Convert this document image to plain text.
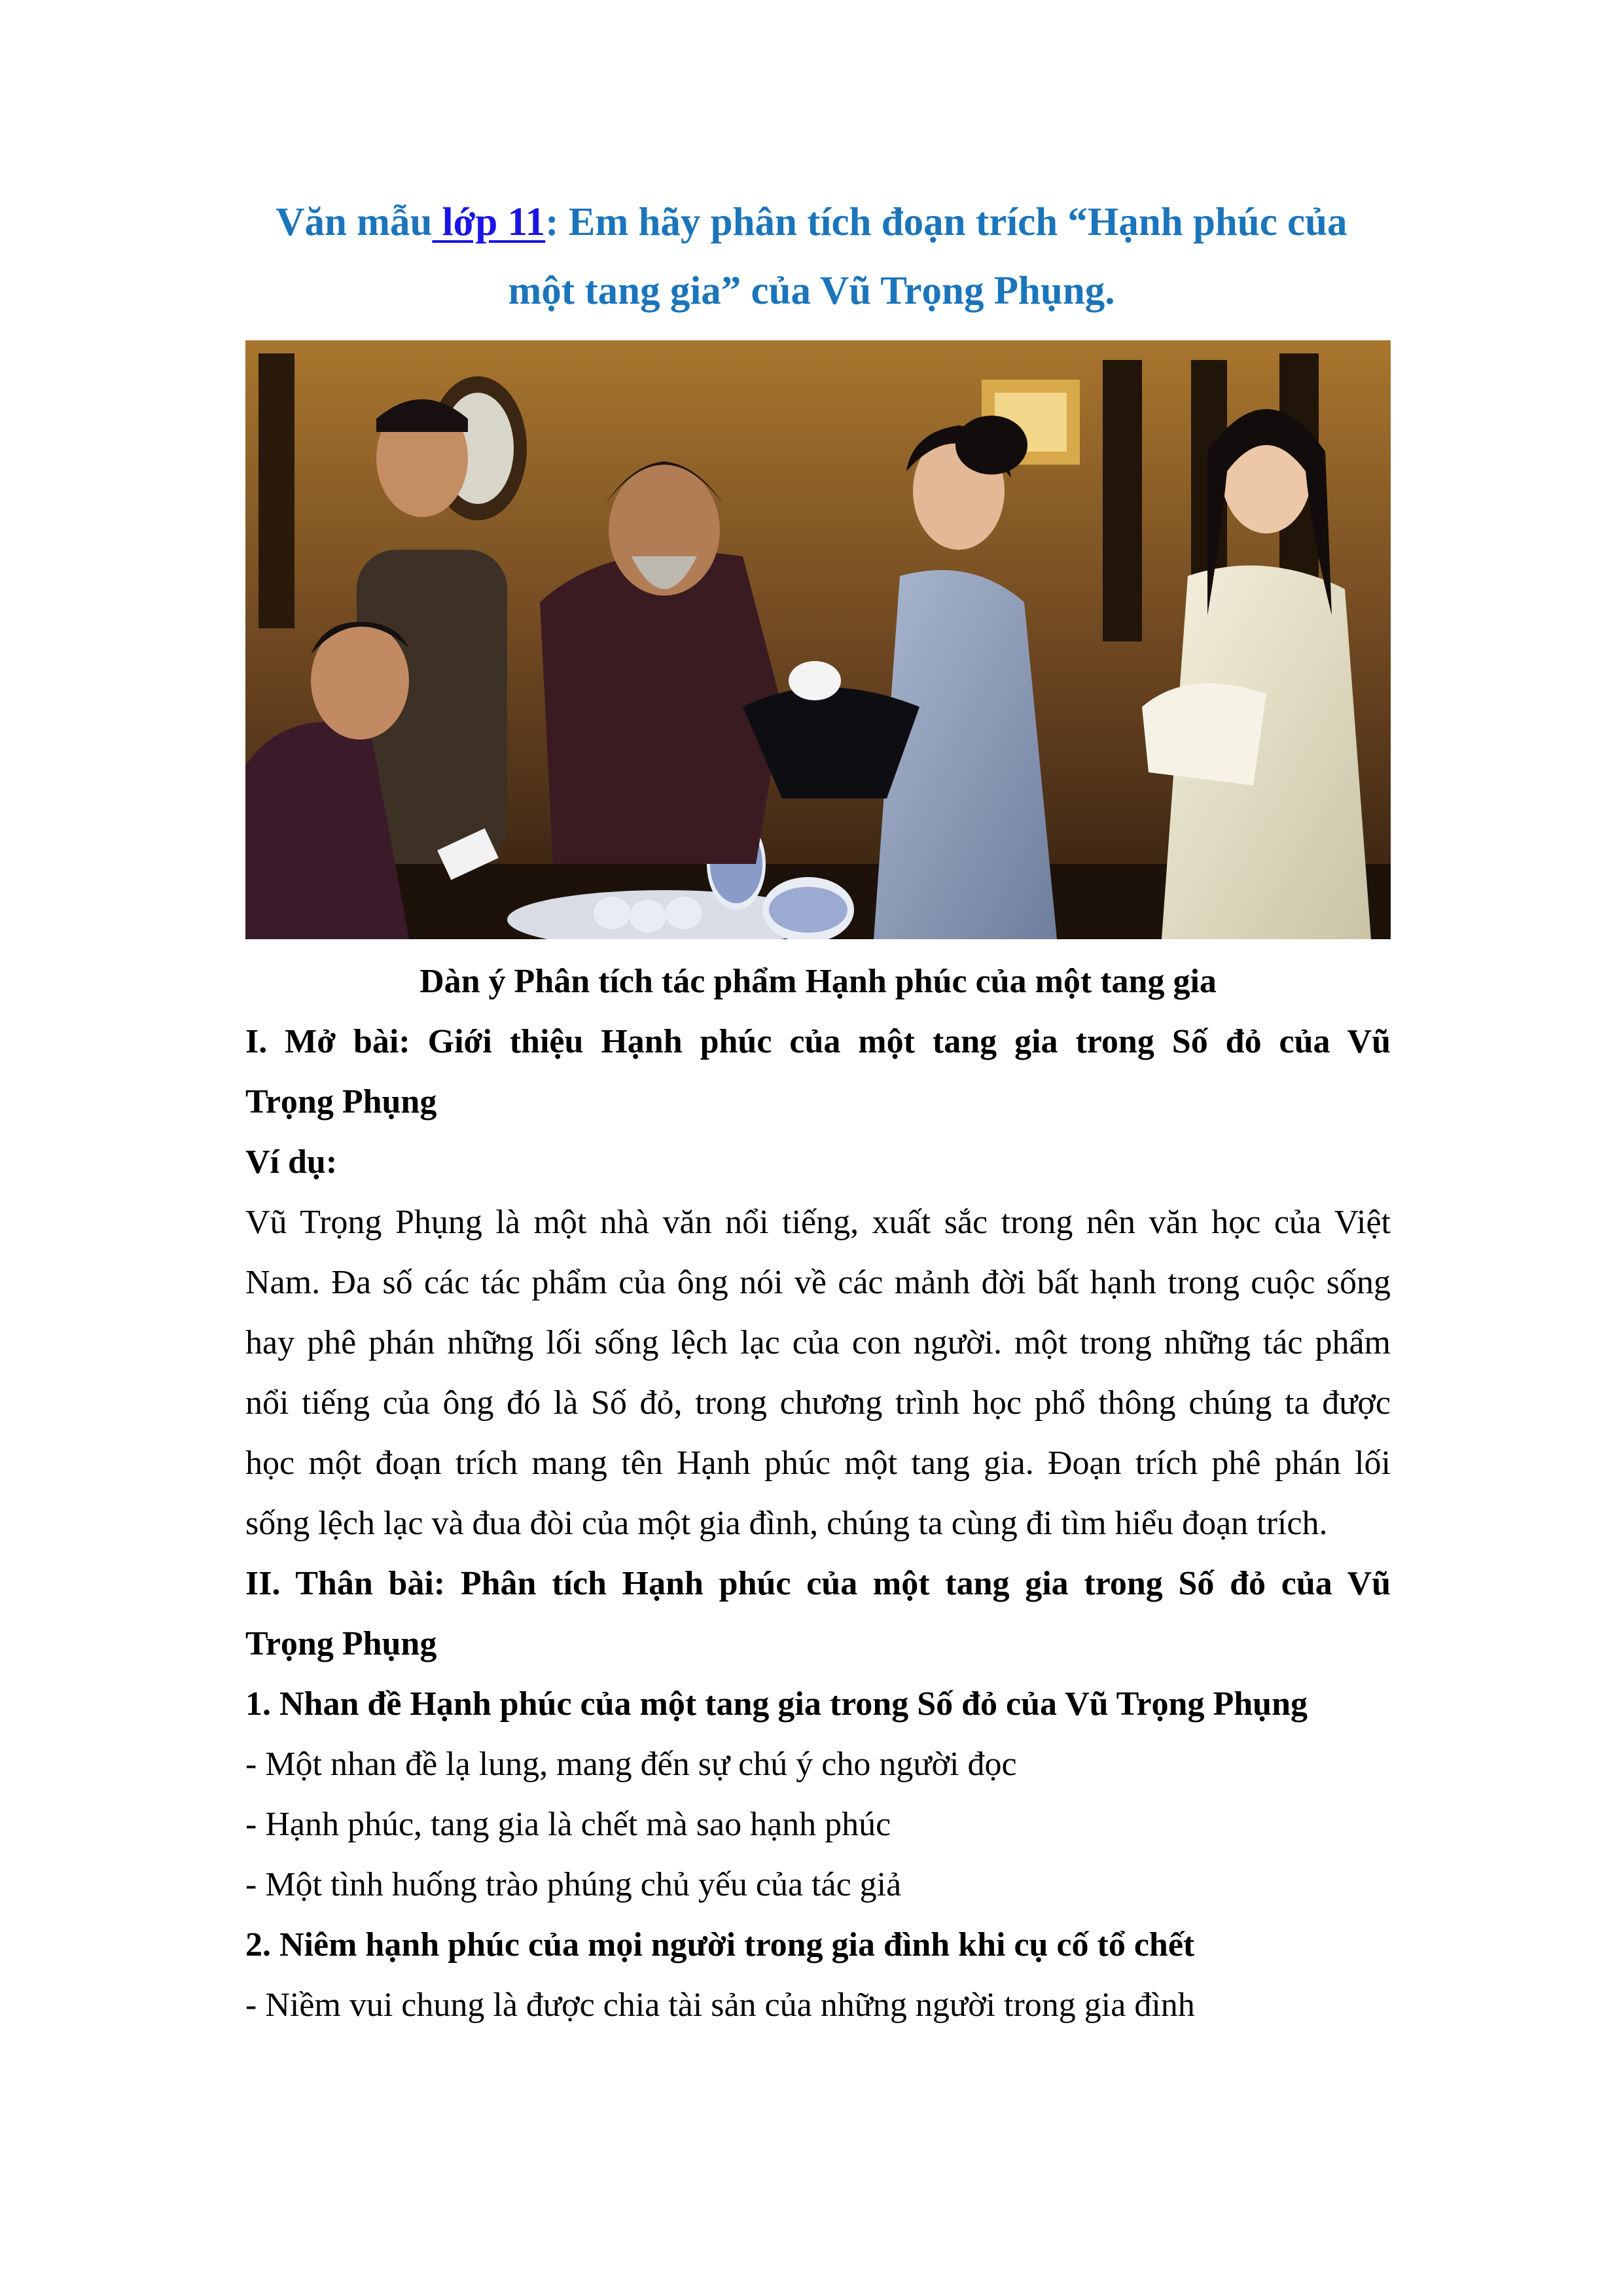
Văn mẫu lớp 11: Em hãy phân tích đoạn trích “Hạnh phúc của
một tang gia” của Vũ Trọng Phụng.
Dàn ý Phân tích tác phẩm Hạnh phúc của một tang gia
I. Mở bài: Giới thiệu Hạnh phúc của một tang gia trong Số đỏ của Vũ
Trọng Phụng
Ví dụ:
Vũ Trọng Phụng là một nhà văn nổi tiếng, xuất sắc trong nên văn học của Việt
Nam. Đa số các tác phẩm của ông nói về các mảnh đời bất hạnh trong cuộc sống
hay phê phán những lối sống lệch lạc của con người. một trong những tác phẩm
nổi tiếng của ông đó là Số đỏ, trong chương trình học phổ thông chúng ta được
học một đoạn trích mang tên Hạnh phúc một tang gia. Đoạn trích phê phán lối
sống lệch lạc và đua đòi của một gia đình, chúng ta cùng đi tìm hiểu đoạn trích.
II. Thân bài: Phân tích Hạnh phúc của một tang gia trong Số đỏ của Vũ
Trọng Phụng
1. Nhan đề Hạnh phúc của một tang gia trong Số đỏ của Vũ Trọng Phụng
- Một nhan đề lạ lung, mang đến sự chú ý cho người đọc
- Hạnh phúc, tang gia là chết mà sao hạnh phúc
- Một tình huống trào phúng chủ yếu của tác giả
2. Niêm hạnh phúc của mọi người trong gia đình khi cụ cố tổ chết
- Niềm vui chung là được chia tài sản của những người trong gia đình
